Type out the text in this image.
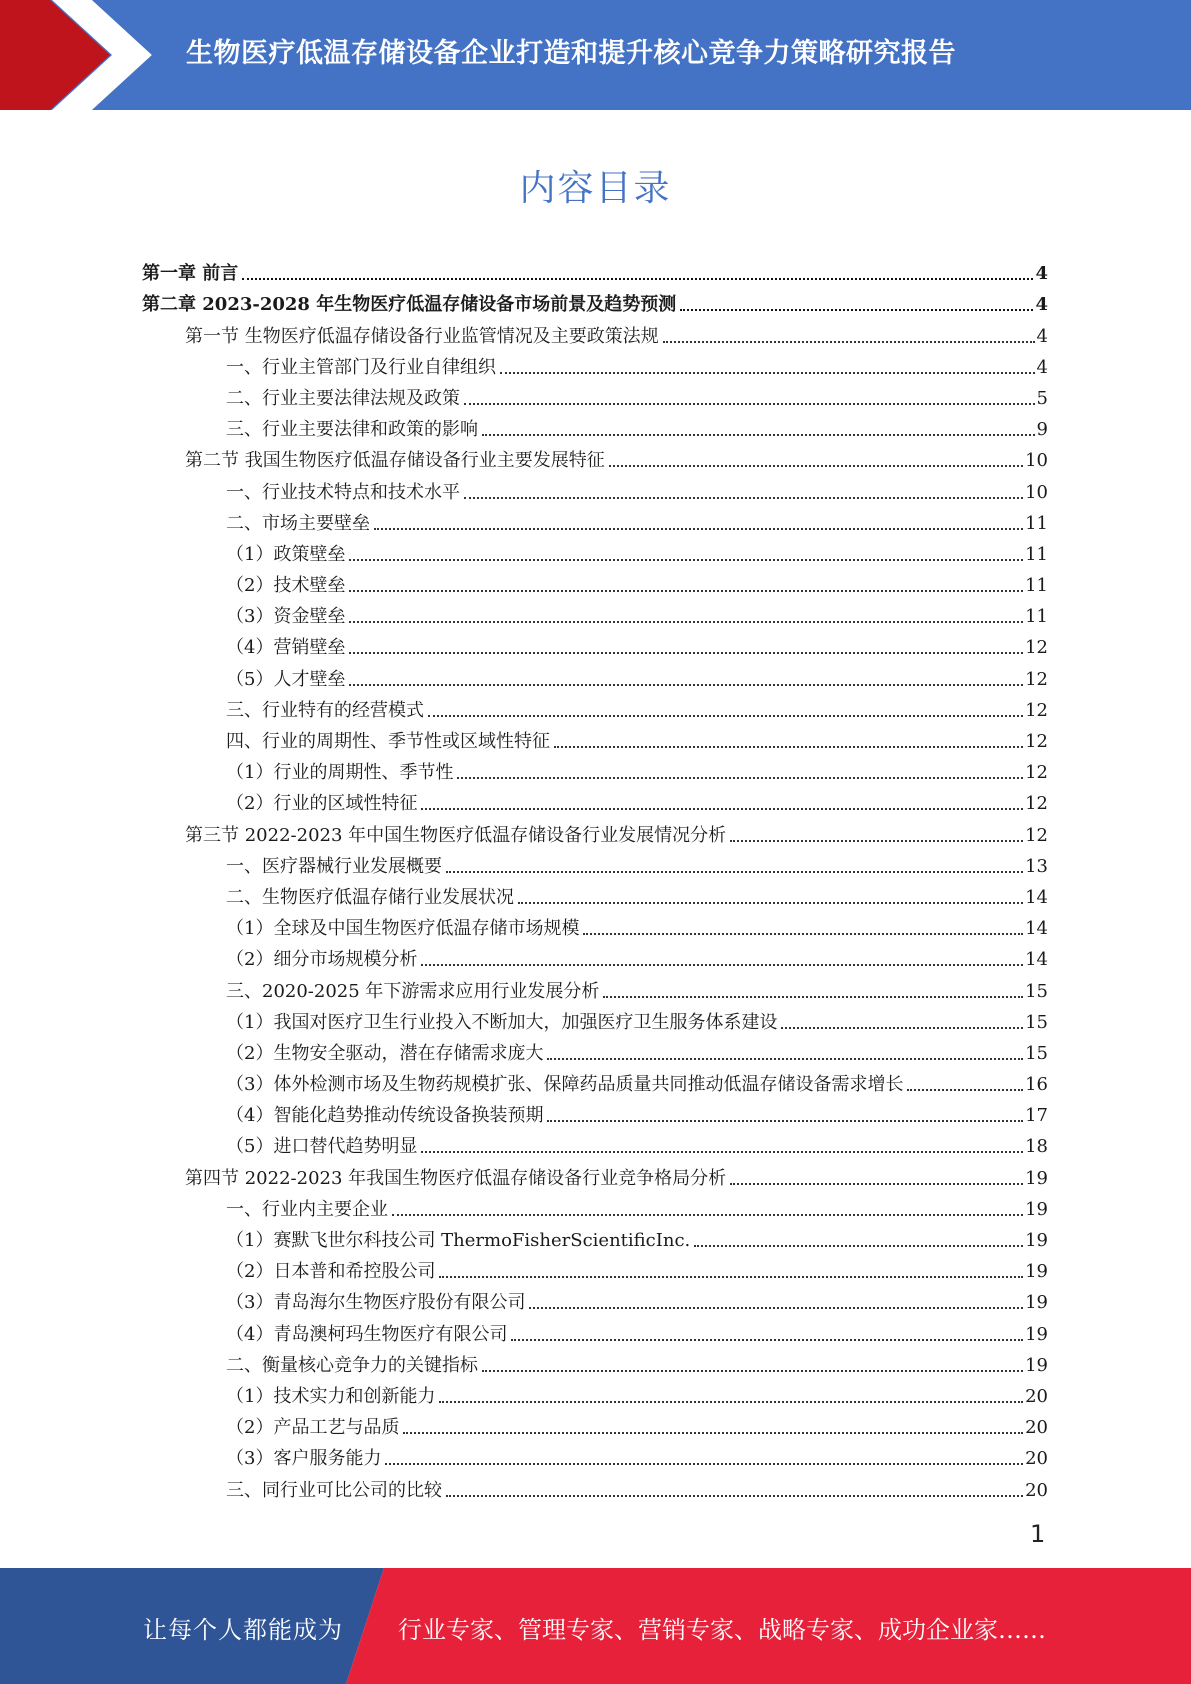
生物医疗低温存储设备企业打造和提升核心竞争力策略研究报告
内容目录
第一章 前言	4
第二章 2023-2028 年生物医疗低温存储设备市场前景及趋势预测	4
第一节 生物医疗低温存储设备行业监管情况及主要政策法规	4
一、行业主管部门及行业自律组织	4
二、行业主要法律法规及政策	5
三、行业主要法律和政策的影响	9
第二节 我国生物医疗低温存储设备行业主要发展特征	10
一、行业技术特点和技术水平	10
二、市场主要壁垒	11
（1）政策壁垒	11
（2）技术壁垒	11
（3）资金壁垒	11
（4）营销壁垒	12
（5）人才壁垒	12
三、行业特有的经营模式	12
四、行业的周期性、季节性或区域性特征	12
（1）行业的周期性、季节性	12
（2）行业的区域性特征	12
第三节 2022-2023 年中国生物医疗低温存储设备行业发展情况分析	12
一、医疗器械行业发展概要	13
二、生物医疗低温存储行业发展状况	14
（1）全球及中国生物医疗低温存储市场规模	14
（2）细分市场规模分析	14
三、2020-2025 年下游需求应用行业发展分析	15
（1）我国对医疗卫生行业投入不断加大，加强医疗卫生服务体系建设	15
（2）生物安全驱动，潜在存储需求庞大	15
（3）体外检测市场及生物药规模扩张、保障药品质量共同推动低温存储设备需求增长	16
（4）智能化趋势推动传统设备换装预期	17
（5）进口替代趋势明显	18
第四节 2022-2023 年我国生物医疗低温存储设备行业竞争格局分析	19
一、行业内主要企业	19
（1）赛默飞世尔科技公司 ThermoFisherScientificInc.	19
（2）日本普和希控股公司	19
（3）青岛海尔生物医疗股份有限公司	19
（4）青岛澳柯玛生物医疗有限公司	19
二、衡量核心竞争力的关键指标	19
（1）技术实力和创新能力	20
（2）产品工艺与品质	20
（3）客户服务能力	20
三、同行业可比公司的比较	20
1
让每个人都能成为 行业专家、管理专家、营销专家、战略专家、成功企业家……
